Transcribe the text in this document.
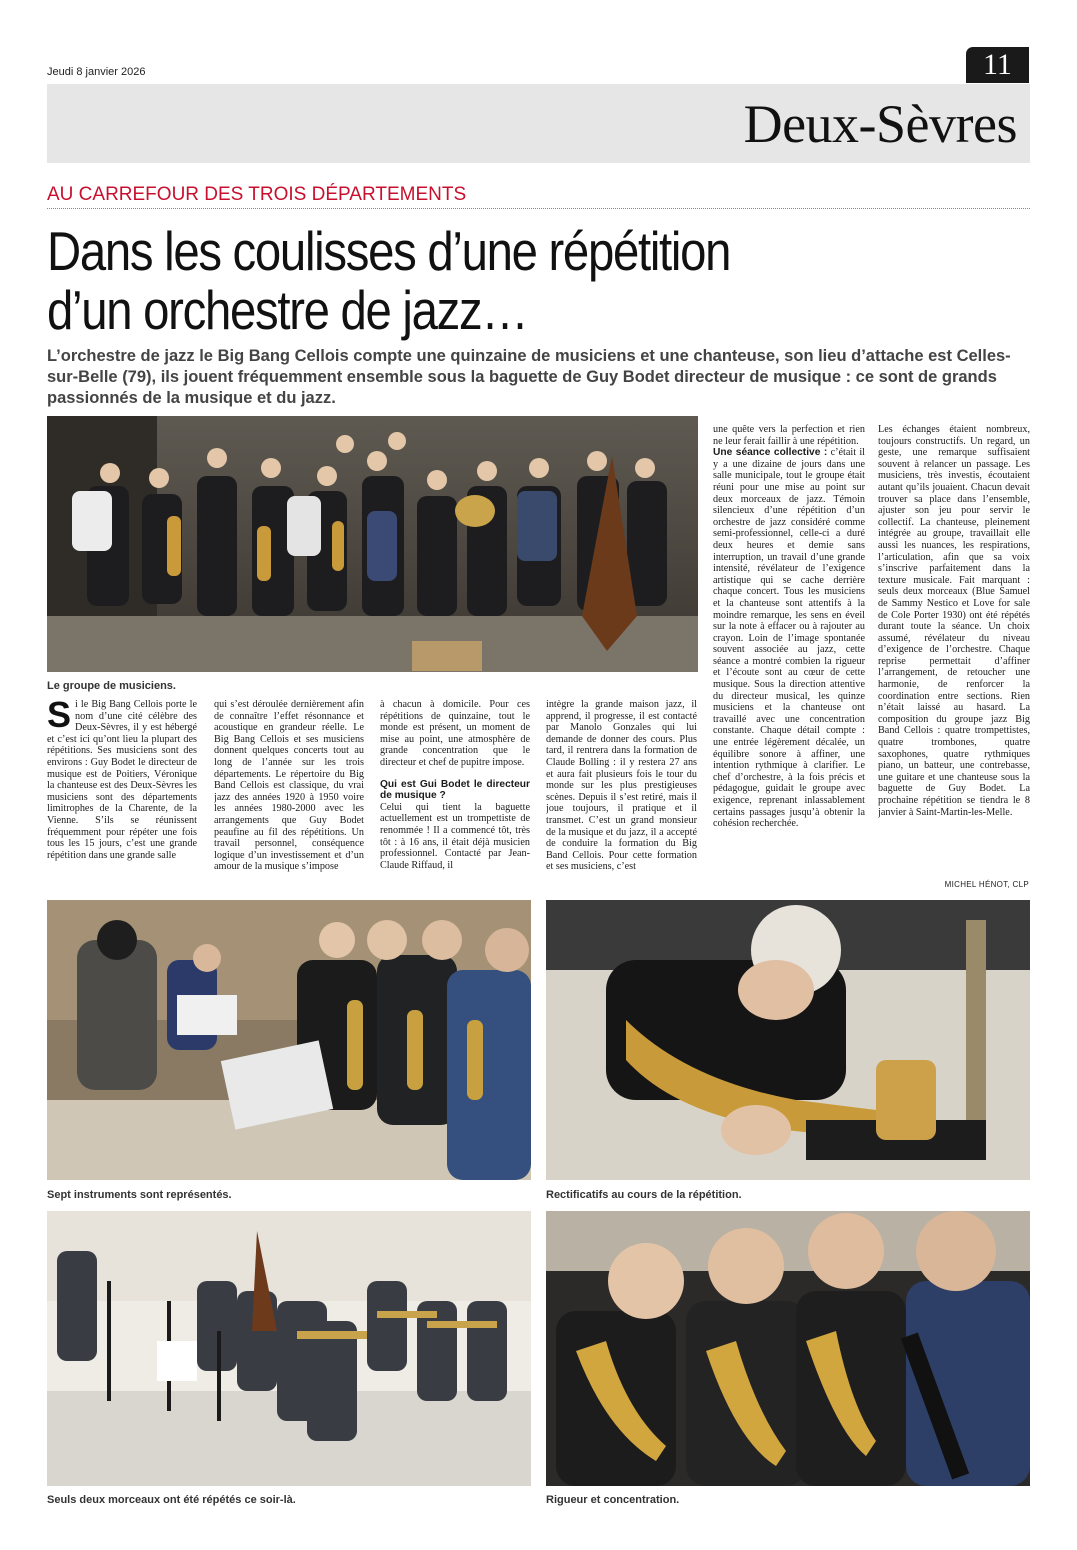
Jeudi 8 janvier 2026	11
Deux-Sèvres
AU CARREFOUR DES TROIS DÉPARTEMENTS
Dans les coulisses d’une répétition
d’un orchestre de jazz…
L’orchestre de jazz le Big Bang Cellois compte une quinzaine de musiciens et une chanteuse, son lieu d’attache est Celles-sur-Belle (79), ils jouent fréquemment ensemble sous la baguette de Guy Bodet directeur de musique : ce sont de grands passionnés de la musique et du jazz.
Le groupe de musiciens.

Si le Big Bang Cellois porte le nom d’une cité célèbre des Deux-Sèvres, il y est hébergé et c’est ici qu’ont lieu la plupart des répétitions. Ses musiciens sont des environs : Guy Bodet le directeur de musique est de Poitiers, Véronique la chanteuse est des Deux-Sèvres les musiciens sont des départements limitrophes de la Charente, de la Vienne. S’ils se réunissent fréquemment pour répéter une fois tous les 15 jours, c’est une grande répétition dans une grande salle

qui s’est déroulée dernièrement afin de connaître l’effet résonnance et acoustique en grandeur réelle. Le Big Bang Cellois et ses musiciens donnent quelques concerts tout au long de l’année sur les trois départements. Le répertoire du Big Band Cellois est classique, du vrai jazz des années 1920 à 1950 voire les années 1980-2000 avec les arrangements que Guy Bodet peaufine au fil des répétitions. Un travail personnel, conséquence logique d’un investissement et d’un amour de la musique s’impose

à chacun à domicile. Pour ces répétitions de quinzaine, tout le monde est présent, un moment de mise au point, une atmosphère de grande concentration que le directeur et chef de pupitre impose.

Qui est Gui Bodet le directeur de musique ?

Celui qui tient la baguette actuellement est un trompettiste de renommée ! Il a commencé tôt, très tôt : à 16 ans, il était déjà musicien professionnel. Contacté par Jean-Claude Riffaud, il

intègre la grande maison jazz, il apprend, il progresse, il est contacté par Manolo Gonzales qui lui demande de donner des cours. Plus tard, il rentrera dans la formation de Claude Bolling : il y restera 27 ans et aura fait plusieurs fois le tour du monde sur les plus prestigieuses scènes. Depuis il s’est retiré, mais il joue toujours, il pratique et il transmet. C’est un grand monsieur de la musique et du jazz, il a accepté de conduire la formation du Big Band Cellois. Pour cette formation et ses musiciens, c’est

une quête vers la perfection et rien ne leur ferait faillir à une répétition.

Une séance collective : c’était il y a une dizaine de jours dans une salle municipale, tout le groupe était réuni pour une mise au point sur deux morceaux de jazz. Témoin silencieux d’une répétition d’un orchestre de jazz considéré comme semi-professionnel, celle-ci a duré deux heures et demie sans interruption, un travail d’une grande intensité, révélateur de l’exigence artistique qui se cache derrière chaque concert. Tous les musiciens et la chanteuse sont attentifs à la moindre remarque, les sens en éveil sur la note à effacer ou à rajouter au crayon. Loin de l’image spontanée souvent associée au jazz, cette séance a montré combien la rigueur et l’écoute sont au cœur de cette musique. Sous la direction attentive du directeur musical, les quinze musiciens et la chanteuse ont travaillé avec une concentration constante. Chaque détail compte : une entrée légèrement décalée, un équilibre sonore à affiner, une intention rythmique à clarifier. Le chef d’orchestre, à la fois précis et pédagogue, guidait le groupe avec exigence, reprenant inlassablement certains passages jusqu’à obtenir la cohésion recherchée.

Les échanges étaient nombreux, toujours constructifs. Un regard, un geste, une remarque suffisaient souvent à relancer un passage. Les musiciens, très investis, écoutaient autant qu’ils jouaient. Chacun devait trouver sa place dans l’ensemble, ajuster son jeu pour servir le collectif. La chanteuse, pleinement intégrée au groupe, travaillait elle aussi les nuances, les respirations, l’articulation, afin que sa voix s’inscrive parfaitement dans la texture musicale. Fait marquant : seuls deux morceaux (Blue Samuel de Sammy Nestico et Love for sale de Cole Porter 1930) ont été répétés durant toute la séance. Un choix assumé, révélateur du niveau d’exigence de l’orchestre. Chaque reprise permettait d’affiner l’arrangement, de retoucher une harmonie, de renforcer la coordination entre sections. Rien n’était laissé au hasard. La composition du groupe jazz Big Band Cellois : quatre trompettistes, quatre trombones, quatre saxophones, quatre rythmiques piano, un batteur, une contrebasse, une guitare et une chanteuse sous la baguette de Guy Bodet. La prochaine répétition se tiendra le 8 janvier à Saint-Martin-les-Melle.

MICHEL HÉNOT, CLP
Sept instruments sont représentés.	Rectificatifs au cours de la répétition.
Seuls deux morceaux ont été répétés ce soir-là.	Rigueur et concentration.
